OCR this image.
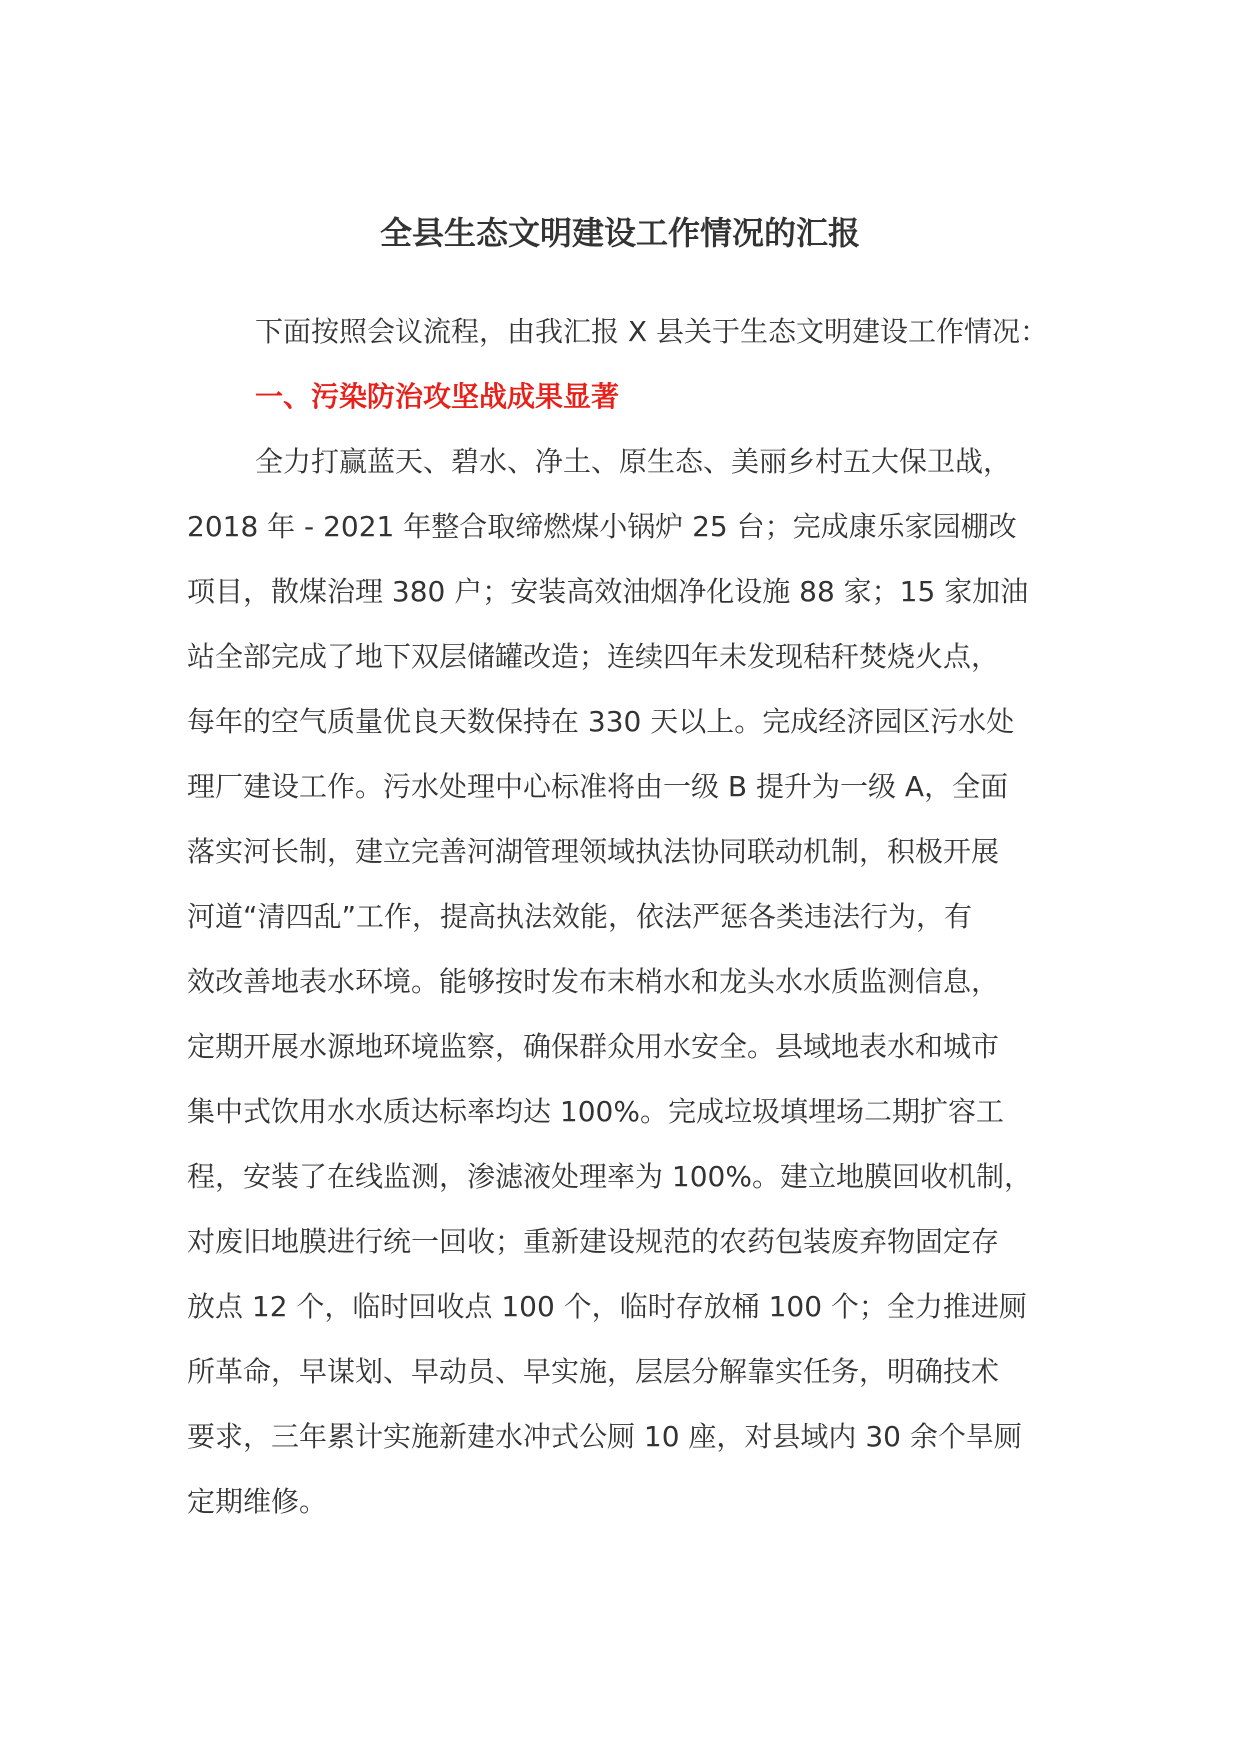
全县生态文明建设工作情况的汇报

下面按照会议流程，由我汇报 X 县关于生态文明建设工作情况：

一、污染防治攻坚战成果显著
全力打赢蓝天、碧水、净土、原生态、美丽乡村五大保卫战，
2018 年 - 2021 年整合取缔燃煤小锅炉 25 台；完成康乐家园棚改
项目，散煤治理 380 户；安装高效油烟净化设施 88 家；15 家加油
站全部完成了地下双层储罐改造；连续四年未发现秸秆焚烧火点，
每年的空气质量优良天数保持在 330 天以上。完成经济园区污水处
理厂建设工作。污水处理中心标准将由一级 B 提升为一级 A，全面
落实河长制，建立完善河湖管理领域执法协同联动机制，积极开展
河道“清四乱”工作，提高执法效能，依法严惩各类违法行为，有
效改善地表水环境。能够按时发布末梢水和龙头水水质监测信息，
定期开展水源地环境监察，确保群众用水安全。县域地表水和城市
集中式饮用水水质达标率均达 100%。完成垃圾填埋场二期扩容工
程，安装了在线监测，渗滤液处理率为 100%。建立地膜回收机制，
对废旧地膜进行统一回收；重新建设规范的农药包装废弃物固定存
放点 12 个，临时回收点 100 个，临时存放桶 100 个；全力推进厕
所革命，早谋划、早动员、早实施，层层分解靠实任务，明确技术
要求，三年累计实施新建水冲式公厕 10 座，对县域内 30 余个旱厕
定期维修。
